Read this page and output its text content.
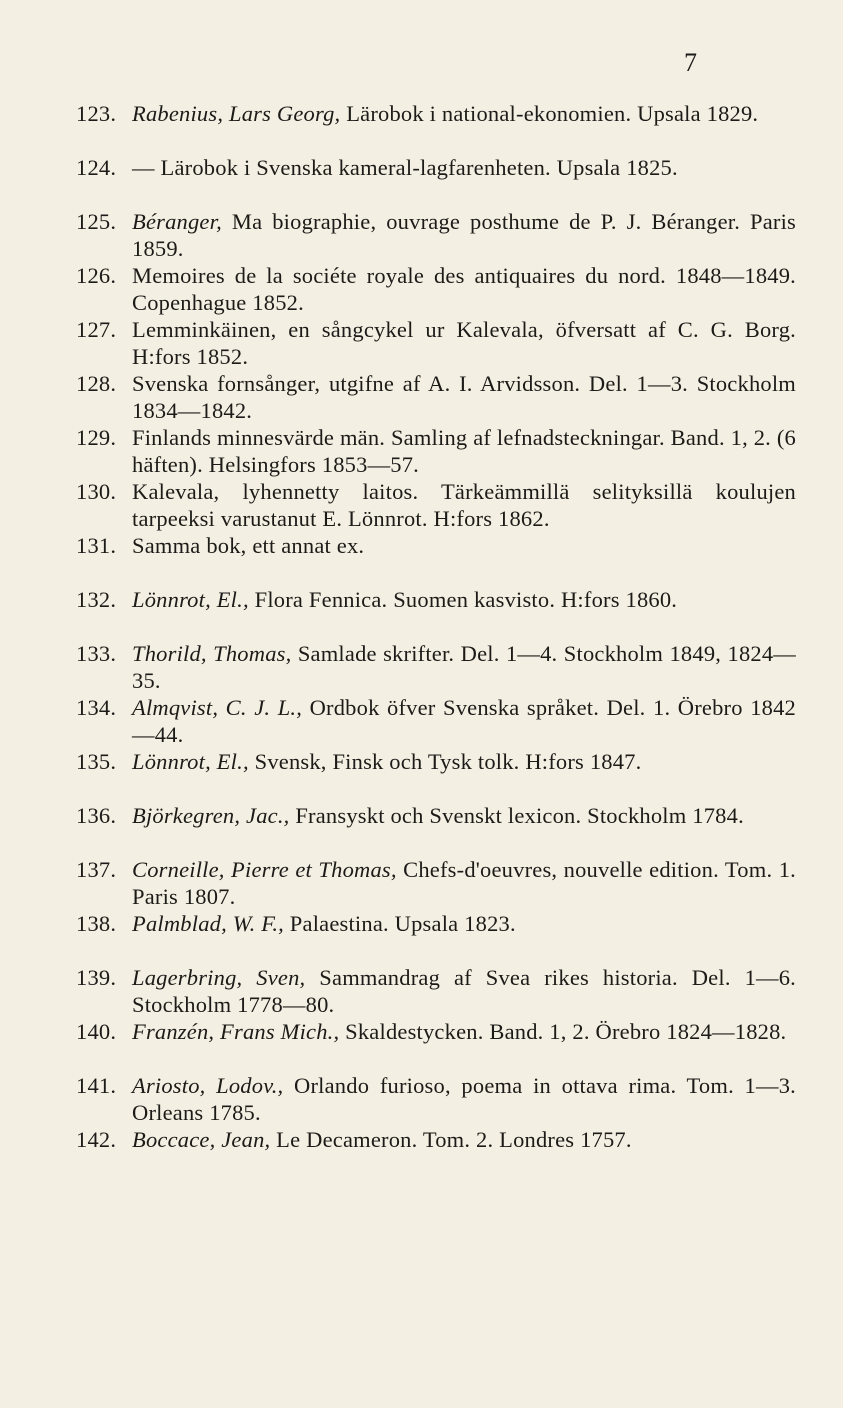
7
123. Rabenius, Lars Georg, Lärobok i national-ekonomien. Upsala 1829.
124. — Lärobok i Svenska kameral-lagfarenheten. Upsala 1825.
125. Béranger, Ma biographie, ouvrage posthume de P. J. Béranger. Paris 1859.
126. Memoires de la sociéte royale des antiquaires du nord. 1848—1849. Copenhague 1852.
127. Lemminkäinen, en sångcykel ur Kalevala, öfversatt af C. G. Borg. H:fors 1852.
128. Svenska fornsånger, utgifne af A. I. Arvidsson. Del. 1—3. Stockholm 1834—1842.
129. Finlands minnesvärde män. Samling af lefnadsteckningar. Band. 1, 2. (6 häften). Helsingfors 1853—57.
130. Kalevala, lyhennetty laitos. Tärkeämmillä selityksillä koulujen tarpeeksi varustanut E. Lönnrot. H:fors 1862.
131. Samma bok, ett annat ex.
132. Lönnrot, El., Flora Fennica. Suomen kasvisto. H:fors 1860.
133. Thorild, Thomas, Samlade skrifter. Del. 1—4. Stockholm 1849, 1824—35.
134. Almqvist, C. J. L., Ordbok öfver Svenska språket. Del. 1. Örebro 1842—44.
135. Lönnrot, El., Svensk, Finsk och Tysk tolk. H:fors 1847.
136. Björkegren, Jac., Fransyskt och Svenskt lexicon. Stockholm 1784.
137. Corneille, Pierre et Thomas, Chefs-d'oeuvres, nouvelle edition. Tom. 1. Paris 1807.
138. Palmblad, W. F., Palaestina. Upsala 1823.
139. Lagerbring, Sven, Sammandrag af Svea rikes historia. Del. 1—6. Stockholm 1778—80.
140. Franzén, Frans Mich., Skaldestycken. Band. 1, 2. Örebro 1824—1828.
141. Ariosto, Lodov., Orlando furioso, poema in ottava rima. Tom. 1—3. Orleans 1785.
142. Boccace, Jean, Le Decameron. Tom. 2. Londres 1757.
